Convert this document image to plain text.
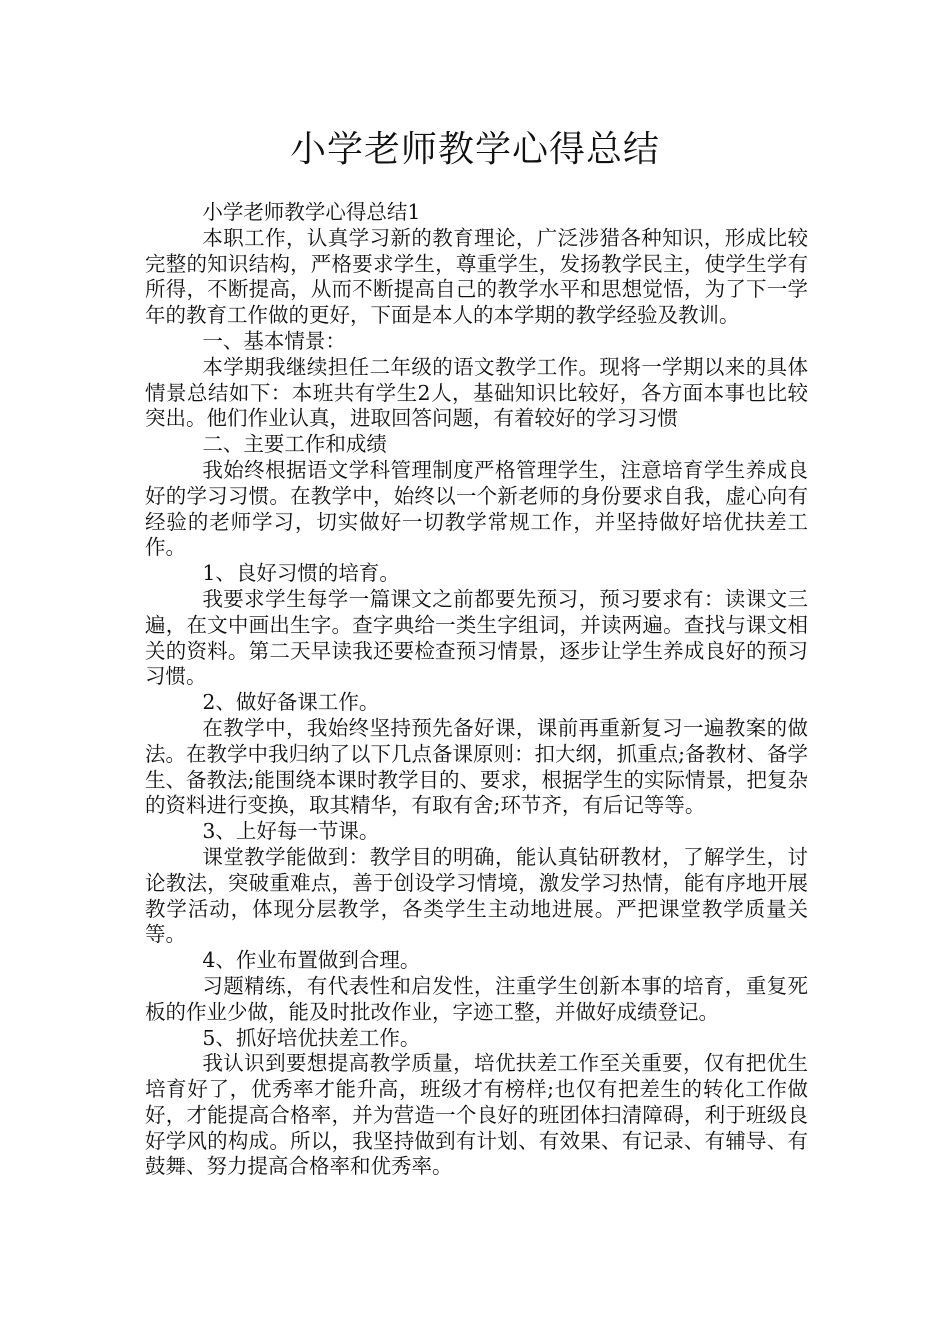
小学老师教学心得总结

小学老师教学心得总结1

本职工作，认真学习新的教育理论，广泛涉猎各种知识，形成比较完整的知识结构，严格要求学生，尊重学生，发扬教学民主，使学生学有所得，不断提高，从而不断提高自己的教学水平和思想觉悟，为了下一学年的教育工作做的更好，下面是本人的本学期的教学经验及教训。

一、基本情景：

本学期我继续担任二年级的语文教学工作。现将一学期以来的具体情景总结如下：本班共有学生2人，基础知识比较好，各方面本事也比较突出。他们作业认真，进取回答问题，有着较好的学习习惯

二、主要工作和成绩

我始终根据语文学科管理制度严格管理学生，注意培育学生养成良好的学习习惯。在教学中，始终以一个新老师的身份要求自我，虚心向有经验的老师学习，切实做好一切教学常规工作，并坚持做好培优扶差工作。

1、良好习惯的培育。

我要求学生每学一篇课文之前都要先预习，预习要求有：读课文三遍，在文中画出生字。查字典给一类生字组词，并读两遍。查找与课文相关的资料。第二天早读我还要检查预习情景，逐步让学生养成良好的预习习惯。

2、做好备课工作。

在教学中，我始终坚持预先备好课，课前再重新复习一遍教案的做法。在教学中我归纳了以下几点备课原则：扣大纲，抓重点;备教材、备学生、备教法;能围绕本课时教学目的、要求，根据学生的实际情景，把复杂的资料进行变换，取其精华，有取有舍;环节齐，有后记等等。

3、上好每一节课。

课堂教学能做到：教学目的明确，能认真钻研教材，了解学生，讨论教法，突破重难点，善于创设学习情境，激发学习热情，能有序地开展教学活动，体现分层教学，各类学生主动地进展。严把课堂教学质量关等。

4、作业布置做到合理。

习题精练，有代表性和启发性，注重学生创新本事的培育，重复死板的作业少做，能及时批改作业，字迹工整，并做好成绩登记。

5、抓好培优扶差工作。

我认识到要想提高教学质量，培优扶差工作至关重要，仅有把优生培育好了，优秀率才能升高，班级才有榜样;也仅有把差生的转化工作做好，才能提高合格率，并为营造一个良好的班团体扫清障碍，利于班级良好学风的构成。所以，我坚持做到有计划、有效果、有记录、有辅导、有鼓舞、努力提高合格率和优秀率。
